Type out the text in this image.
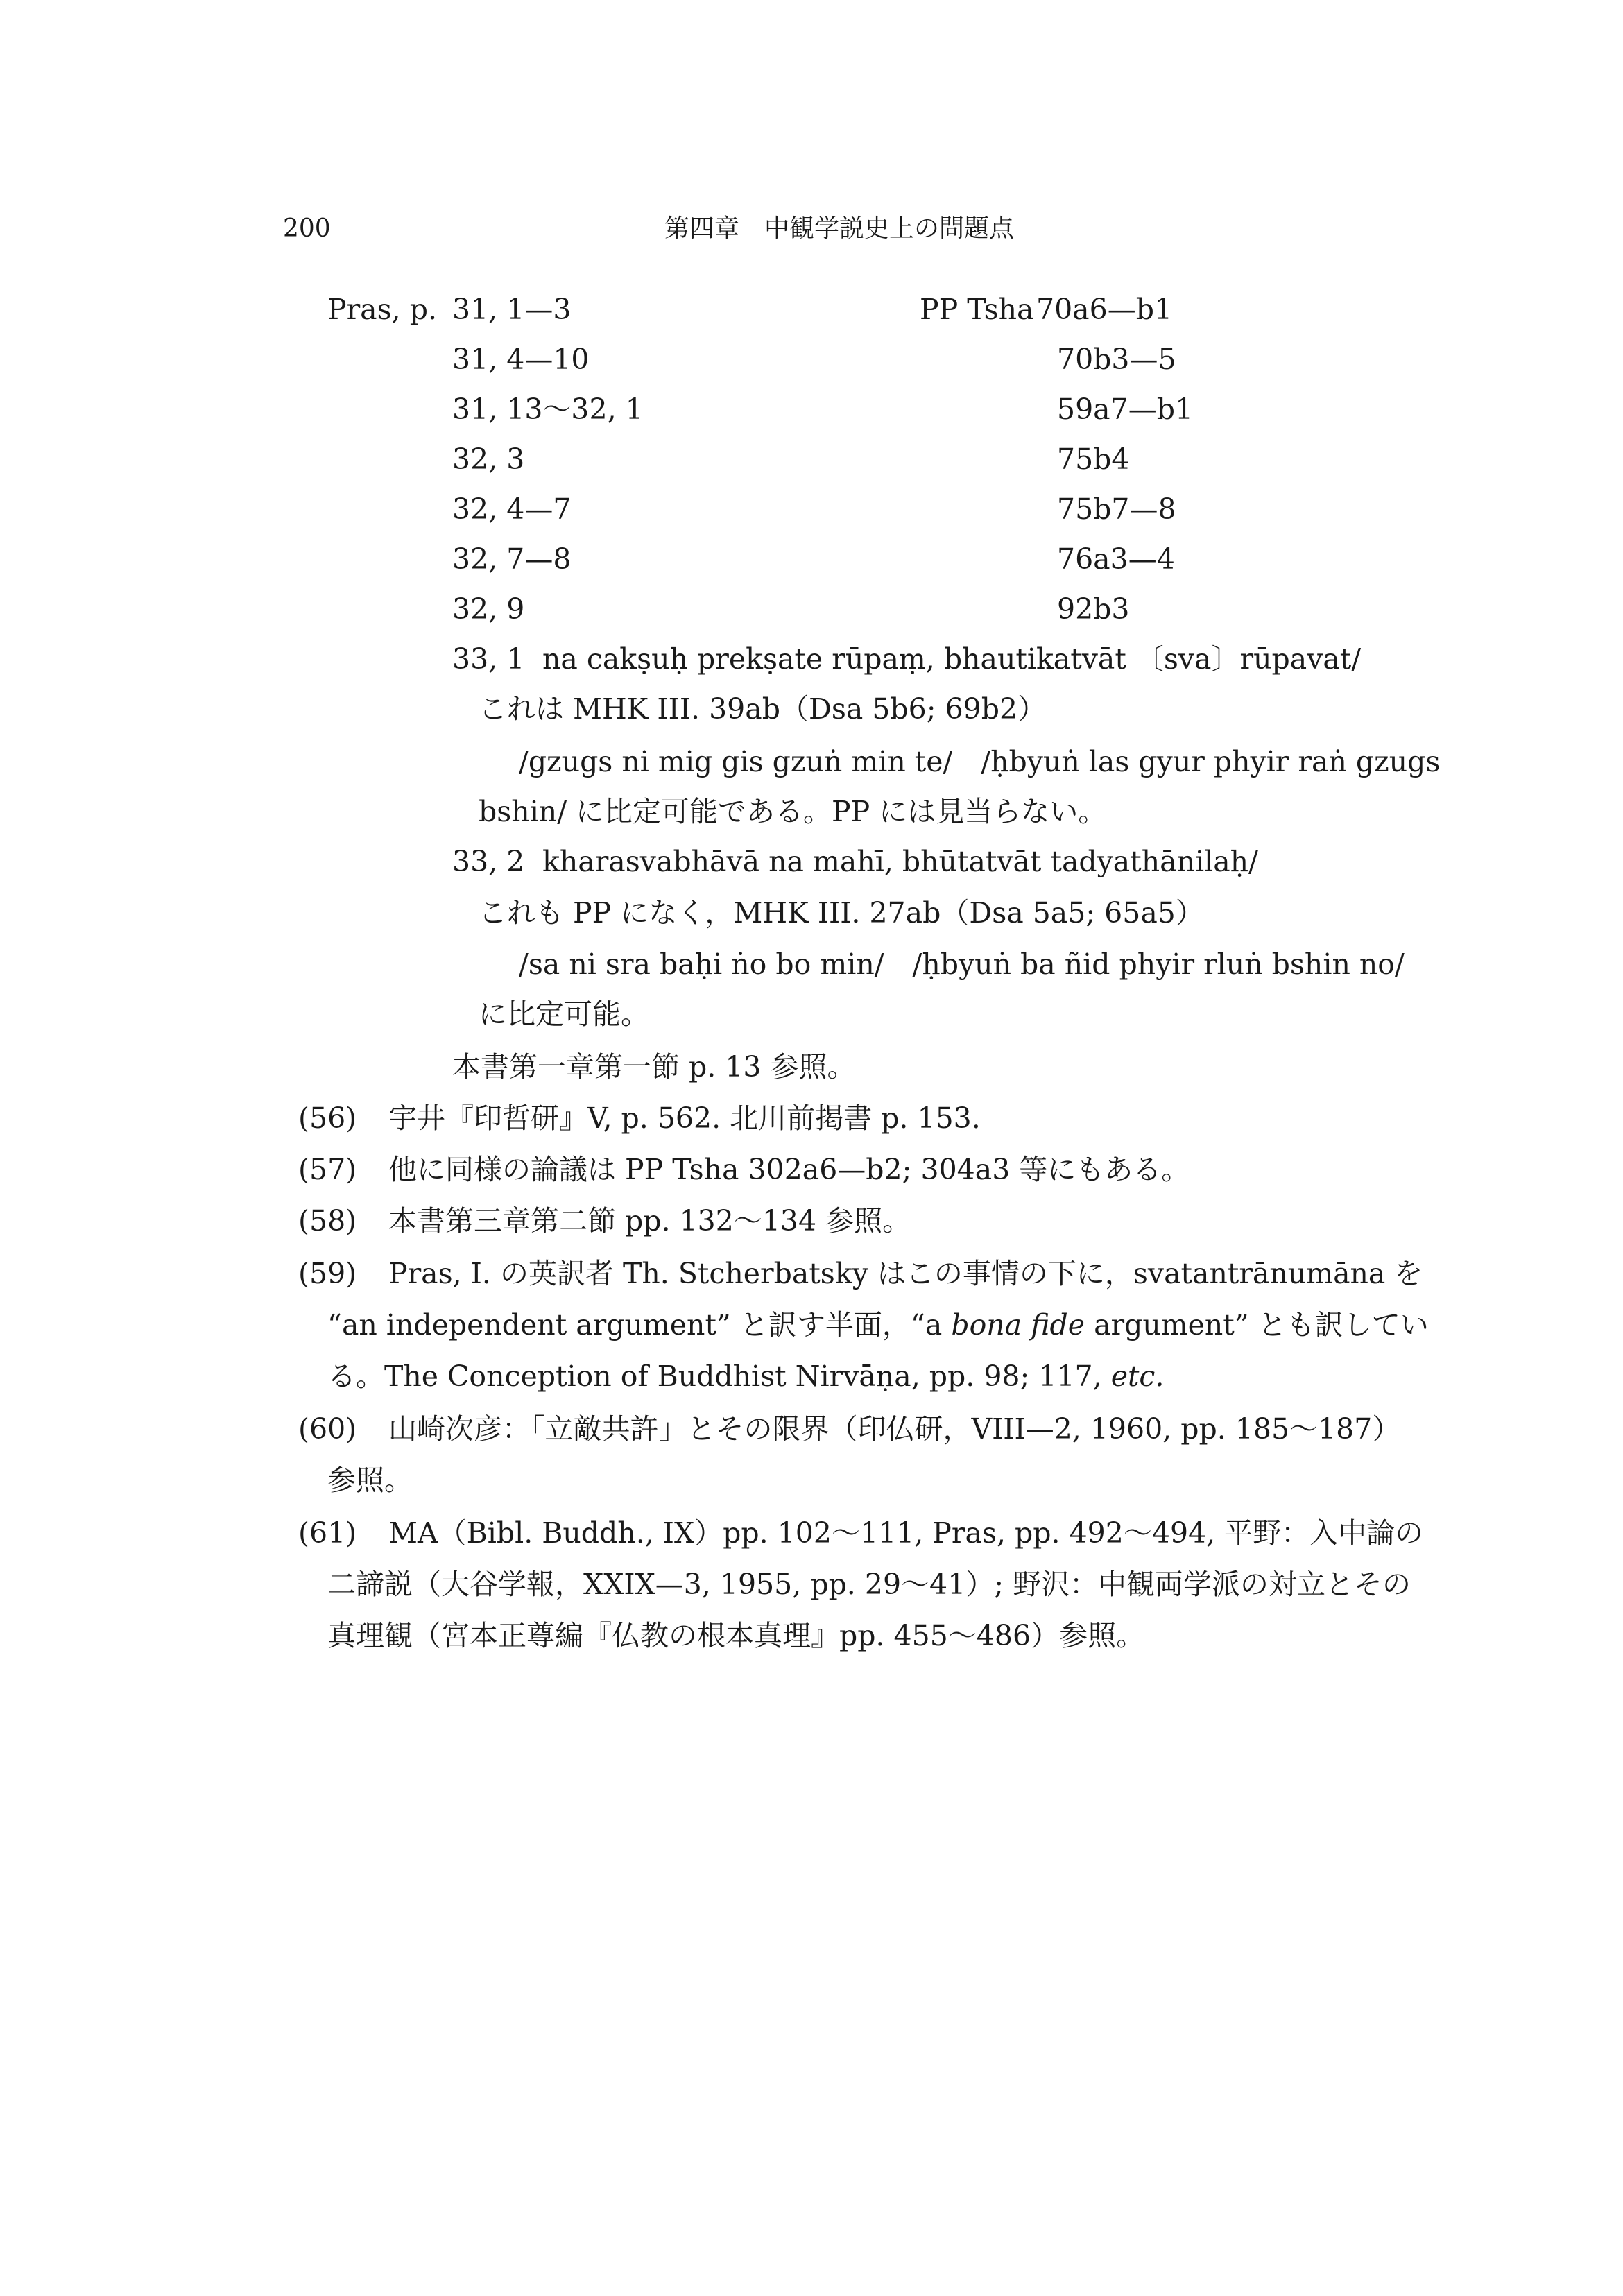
200	第四章　中観学説史上の問題点
Pras, p.	PP Tsha
31, 1—3	70a6—b1
31, 4—10	70b3—5
31, 13〜32, 1	59a7—b1
32, 3	75b4
32, 4—7	75b7—8
32, 7—8	76a3—4
32, 9	92b3
33, 1 na cakṣuḥ prekṣate rūpaṃ, bhautikatvāt 〔sva〕rūpavat/
これは MHK III. 39ab（Dsa 5b6; 69b2）
/gzugs ni mig gis gzuṅ min te/　/ḥbyuṅ las gyur phyir raṅ gzugs
bshin/ に比定可能である。PP には見当らない。
33, 2 kharasvabhāvā na mahī, bhūtatvāt tadyathānilaḥ/
これも PP になく，MHK III. 27ab（Dsa 5a5; 65a5）
/sa ni sra baḥi ṅo bo min/　/ḥbyuṅ ba ñid phyir rluṅ bshin no/
に比定可能。
本書第一章第一節 p. 13 参照。
(56) 宇井『印哲研』V, p. 562. 北川前掲書 p. 153.
(57) 他に同様の論議は PP Tsha 302a6—b2; 304a3 等にもある。
(58) 本書第三章第二節 pp. 132〜134 参照。
(59) Pras, I. の英訳者 Th. Stcherbatsky はこの事情の下に，svatantrānumāna を
“an independent argument” と訳す半面，“a bona fide argument” とも訳してい
る。The Conception of Buddhist Nirvāṇa, pp. 98; 117, etc.
(60) 山崎次彦：「立敵共許」とその限界（印仏研，VIII—2, 1960, pp. 185〜187）
参照。
(61) MA（Bibl. Buddh., IX）pp. 102〜111, Pras, pp. 492〜494, 平野：入中論の
二諦説（大谷学報，XXIX—3, 1955, pp. 29〜41）; 野沢：中観両学派の対立とその
真理観（宮本正尊編『仏教の根本真理』pp. 455〜486）参照。
